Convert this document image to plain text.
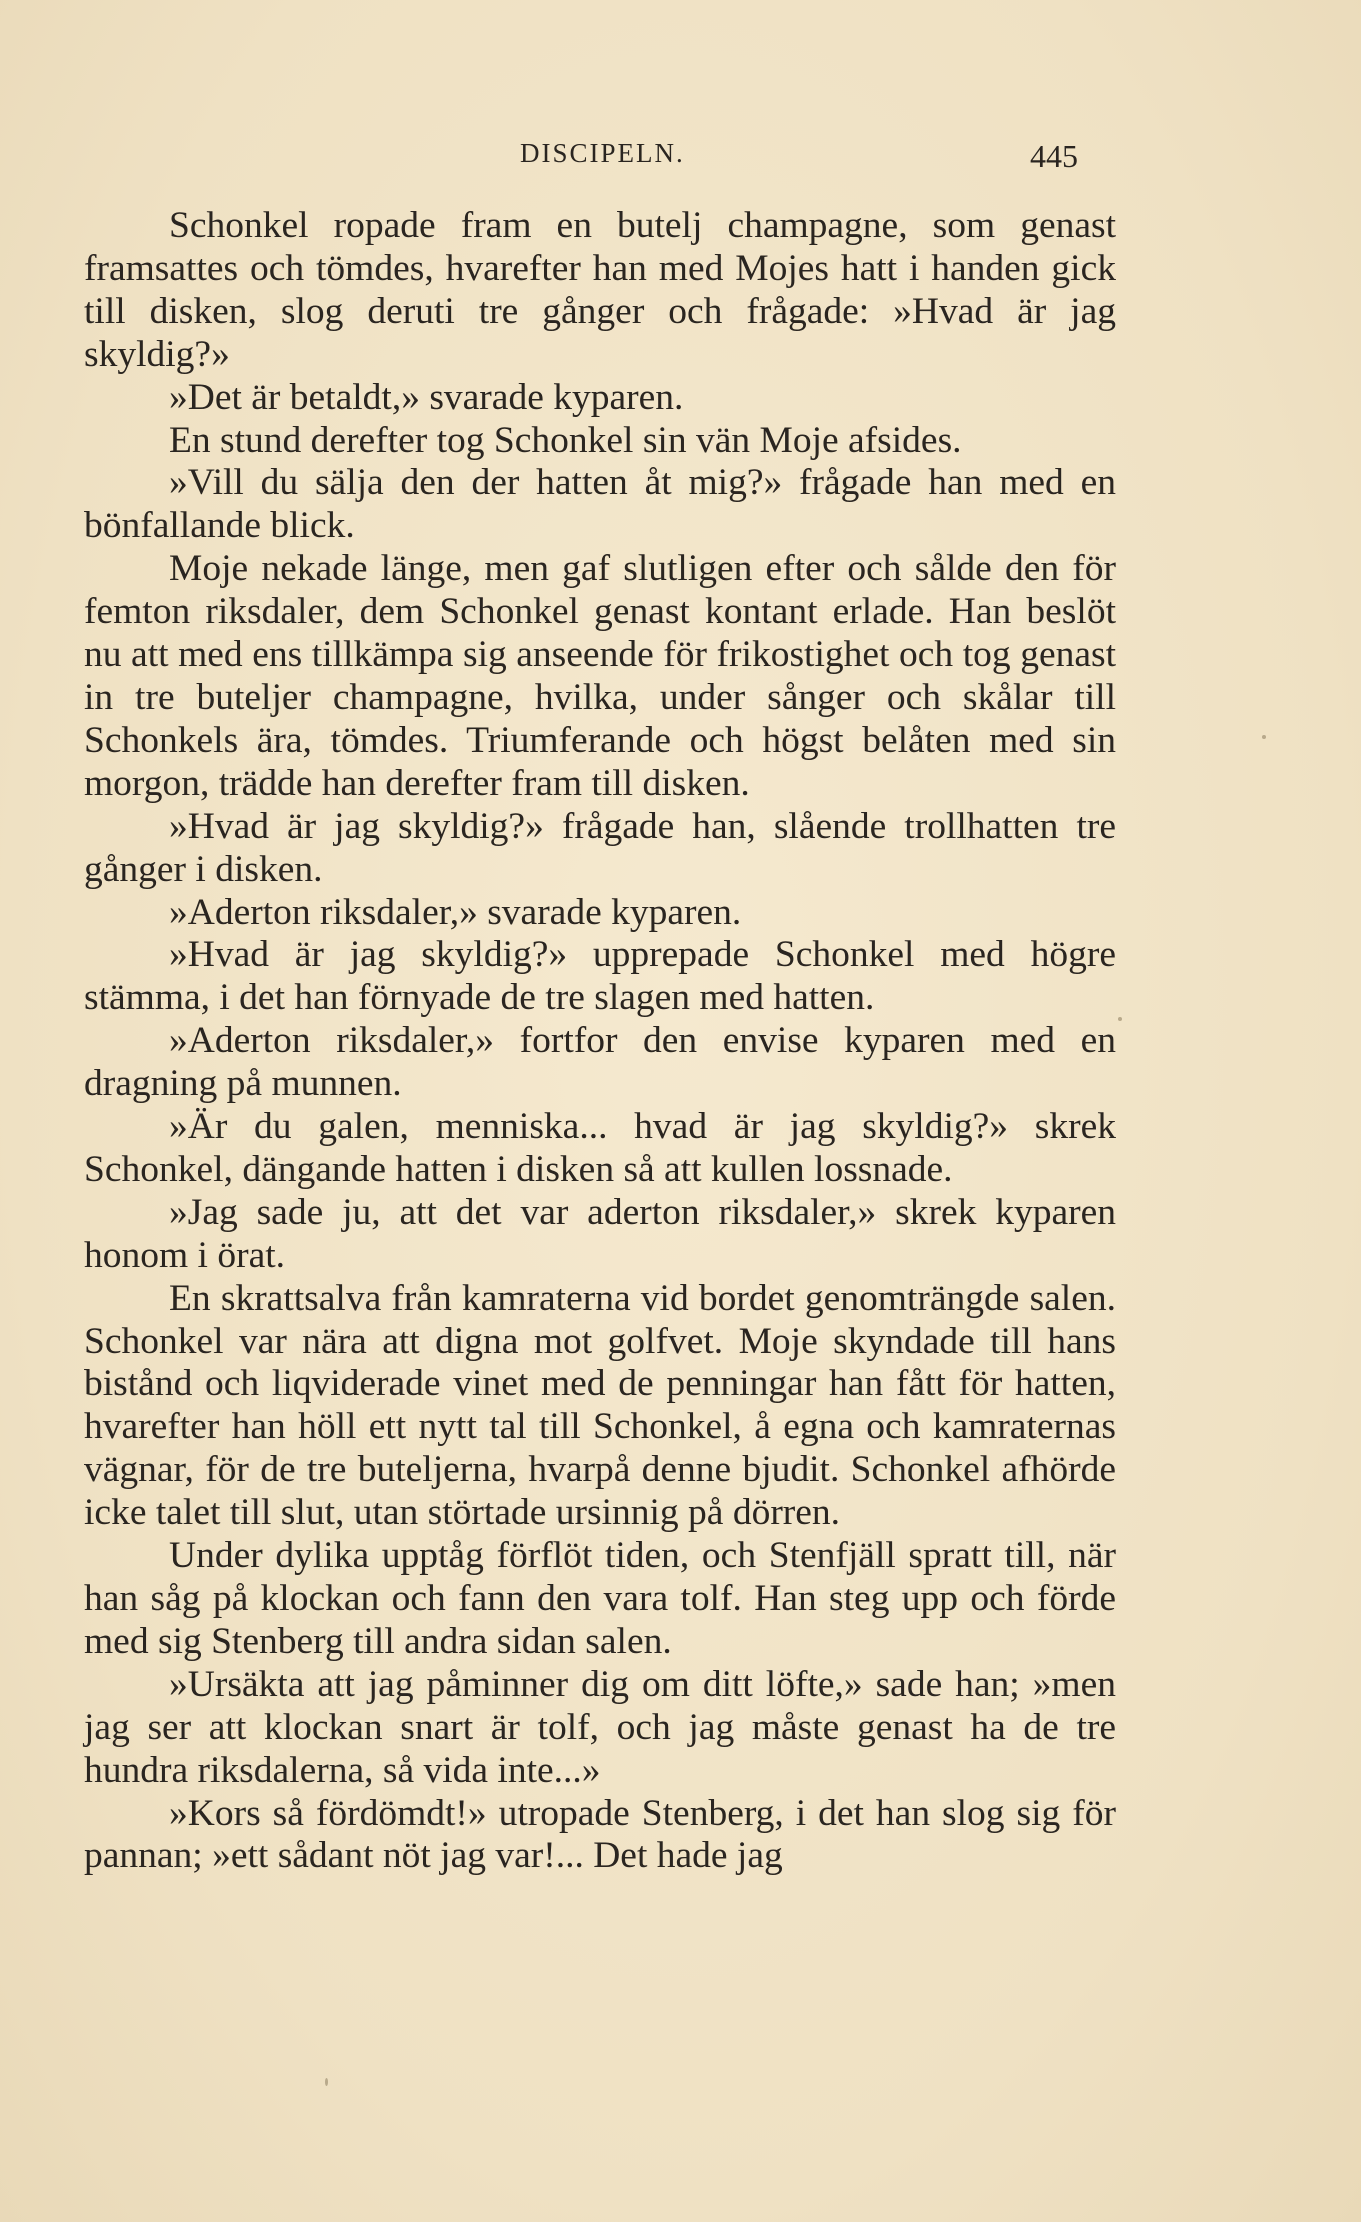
DISCIPELN.	445

Schonkel ropade fram en butelj champagne, som genast framsattes och tömdes, hvarefter han med Mojes hatt i handen gick till disken, slog deruti tre gånger och frågade: »Hvad är jag skyldig?»

»Det är betaldt,» svarade kyparen.

En stund derefter tog Schonkel sin vän Moje afsides.

»Vill du sälja den der hatten åt mig?» frågade han med en bönfallande blick.

Moje nekade länge, men gaf slutligen efter och sålde den för femton riksdaler, dem Schonkel genast kontant erlade. Han beslöt nu att med ens tillkämpa sig anseende för frikostighet och tog genast in tre buteljer champagne, hvilka, under sånger och skålar till Schonkels ära, tömdes. Triumferande och högst belåten med sin morgon, trädde han derefter fram till disken.

»Hvad är jag skyldig?» frågade han, slående trollhatten tre gånger i disken.

»Aderton riksdaler,» svarade kyparen.

»Hvad är jag skyldig?» upprepade Schonkel med högre stämma, i det han förnyade de tre slagen med hatten.

»Aderton riksdaler,» fortfor den envise kyparen med en dragning på munnen.

»Är du galen, menniska... hvad är jag skyldig?» skrek Schonkel, dängande hatten i disken så att kullen lossnade.

»Jag sade ju, att det var aderton riksdaler,» skrek kyparen honom i örat.

En skrattsalva från kamraterna vid bordet genomträngde salen. Schonkel var nära att digna mot golfvet. Moje skyndade till hans bistånd och liqviderade vinet med de penningar han fått för hatten, hvarefter han höll ett nytt tal till Schonkel, å egna och kamraternas vägnar, för de tre buteljerna, hvarpå denne bjudit. Schonkel afhörde icke talet till slut, utan störtade ursinnig på dörren.

Under dylika upptåg förflöt tiden, och Stenfjäll spratt till, när han såg på klockan och fann den vara tolf. Han steg upp och förde med sig Stenberg till andra sidan salen.

»Ursäkta att jag påminner dig om ditt löfte,» sade han; »men jag ser att klockan snart är tolf, och jag måste genast ha de tre hundra riksdalerna, så vida inte...»

»Kors så fördömdt!» utropade Stenberg, i det han slog sig för pannan; »ett sådant nöt jag var!... Det hade jag
